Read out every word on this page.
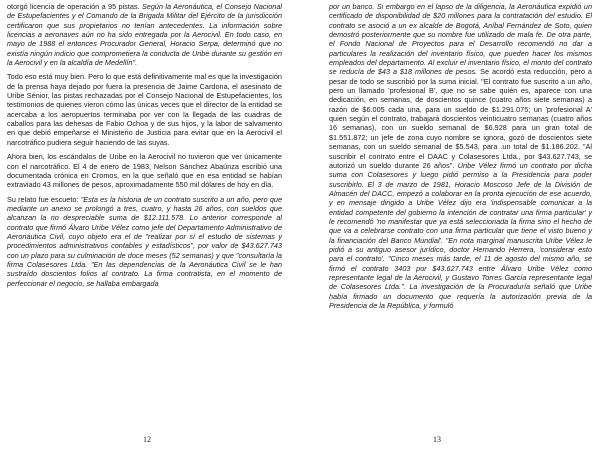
otorgó licencia de operación a 95 pistas. Según la Aeronáutica, el Consejo Nacional de Estupefacientes y el Comando de la Brigada Militar del Ejército de la jurisdicción certificaron que sus propietarios no tenían antecedentes. La información sobre licencias a aeronaves aún no ha sido entregada por la Aerocivil. En todo caso, en mayo de 1988 el entonces Procurador General, Horacio Serpa, determinó que no existía ningún indicio que comprometiera la conducta de Uribe durante su gestión en la Aerocivil y en la alcaldía de Medellín".

Todo eso está muy bien. Pero lo que está definitivamente mal es que la investigación de la prensa haya dejado por fuera la presencia de Jaime Cardona, el asesinato de Uribe Sénior, las pistas rechazadas por el Consejo Nacional de Estupefacientes, los testimonios de quienes vieron cómo las únicas veces que el director de la entidad se acercaba a los aeropuertos terminaba por ver con la llegada de las cuadras de caballos para las dehesas de Fabio Ochoa y de sus hijos, y la labor de salvamento en que debió empeñarse el Ministerio de Justicia para evitar que en la Aerocivil el narcotráfico pudiera seguir haciendo de las suyas.

Ahora bien, los escándalos de Uribe en la Aerocivil no tuvieron que ver únicamente con el narcotráfico. El 4 de enero de 1983, Nelson Sánchez Abaúnza escribió una documentada crónica en Cromos, en la que señaló que en esa entidad se habían extraviado 43 millones de pesos, aproximadamente 550 mil dólares de hoy en día.

Su relato fue escueto: "Esta es la historia de un contrato suscrito a un año, pero que mediante un anexo se prolongó a tres, cuatro, y hasta 26 años, con sueldos que alcanzan la no despreciable suma de $12.111.578. Lo anterior corresponde al contrato que firmó Álvaro Uribe Vélez como jefe del Departamento Administrativo de Aeronáutica Civil, cuyo objeto era el de "realizar por sí el estudio de sistemas y procedimientos administrativos contables y estadísticos", por valor de $43.627.743 con un plazo para su culminación de doce meses (52 semanas) y que "consultaría la firma Colasesores Ltda. "En las dependencias de la Aeronáutica Civil se le han sustraído doscientos folios al contrato. La firma contratista, en el momento de perfeccionar el negocio, se hallaba embargada

12

por un banco. Si embargo en el lapso de la diligencia, la Aeronáutica expidió un certificado de disponibilidad de $20 millones para la contratación del estudio. El contrato se asoció a un ex alcalde de Bogotá, Aníbal Fernández de Soto, quien demostró posteriormente que su nombre fue utilizado de mala fe. De otra parte, el Fondo Nacional de Proyectos para el Desarrollo recomendó no dar a particulares la realización del inventario físico, que pueden hacer los mismos empleados del departamento. Al excluir el inventario físico, el monto del contrato se reducía de $43 a $18 millones de pesos. Se acordó esta reducción, pero a pesar de todo se suscribió por la suma inicial. "El contrato fue suscrito a un año, pero un llamado 'profesional B', que no se sabe quién es, aparece con una dedicación, en semanas, de doscientos quince (cuatro años siete semanas) a razón de $6.005 cada una, para un sueldo de $1.291.075; un 'profesional A' quien según el contrato, trabajará doscientos veinticuatro semanas (cuatro años 16 semanas), con un sueldo semanal de $6.928 para un gran total de $1.551.872; un jefe de zona cuyo nombre se ignora, gozó de doscientos siete semanas, con un sueldo semanal de $5.543, para .un total de $1.186.202. "Al suscribir el contrato entre el DAAC y Colasesores Ltda., por $43.627.743, se autorizó un sueldo durante 26 años". Uribe Vélez firmó un contrato por dicha suma con Colasesores y luego pidió permiso a la Presidencia para poder suscribirlo. El 3 de marzo de 1981, Horacio Moscoso Jefe de la División de Almacén del DACC, empezó a colaborar en la pronta ejecución de ese acuerdo, y en mensaje dirigido a Uribe Vélez dijo era 'indispensable comunicar a la entidad competente del gobierno la intención de contratar una firma particular' y le recomendó 'no manifestar que ya está seleccionada la firma sino el hecho de que va a celebrarse contrato con una firma particular que tiene el visto bueno y la financiación del Banco Mundial'. "En nota marginal manuscrita Uribe Vélez le pidió a su antiguo asesor jurídico, doctor Hernando Herrera, 'considerar esto para el contrato'. "Cinco meses más tarde, el 11 de agosto del mismo año, se firmó el contrato 3403 por $43.627.743 entre Álvaro Uribe Vélez como representante legal de la Aerocivil, y Gustavo Torres García representante legal de Colasesores Ltda.". La investigación de la Procuraduría señaló que Uribe había firmado un documento que requería la autorización previa de la Presidencia de la República, y formuló

13
